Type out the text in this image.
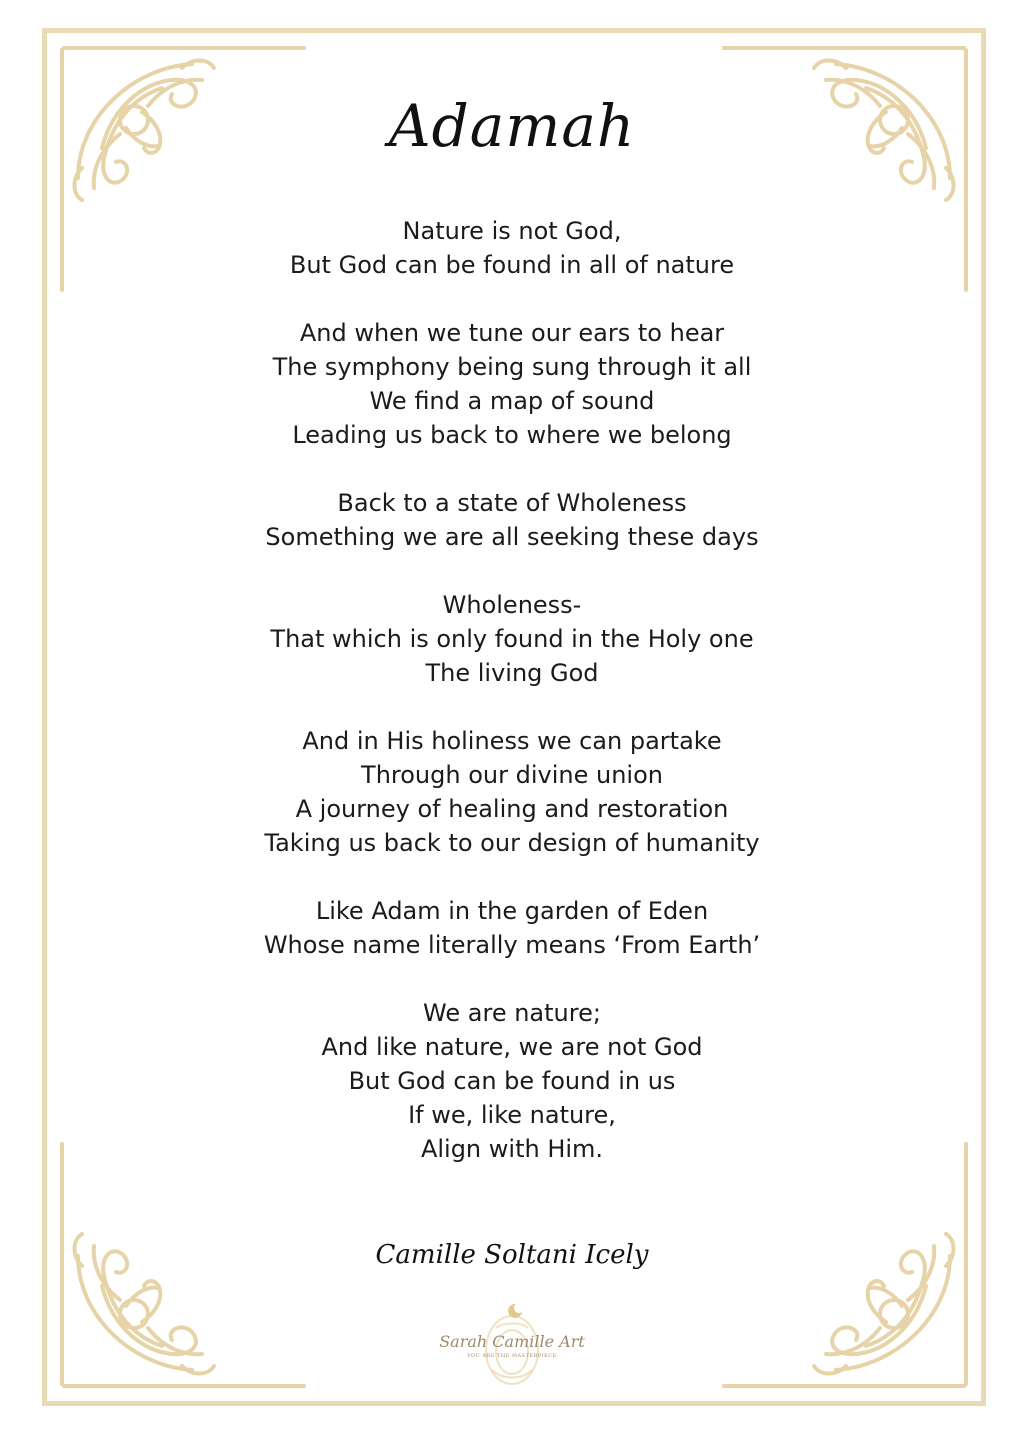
Adamah
Nature is not God,
But God can be found in all of nature
And when we tune our ears to hear
The symphony being sung through it all
We find a map of sound
Leading us back to where we belong
Back to a state of Wholeness
Something we are all seeking these days
Wholeness-
That which is only found in the Holy one
The living God
And in His holiness we can partake
Through our divine union
A journey of healing and restoration
Taking us back to our design of humanity
Like Adam in the garden of Eden
Whose name literally means ‘From Earth’
We are nature;
And like nature, we are not God
But God can be found in us
If we, like nature,
Align with Him.
Camille Soltani Icely
Sarah Camille Art
YOU ARE THE MASTERPIECE
